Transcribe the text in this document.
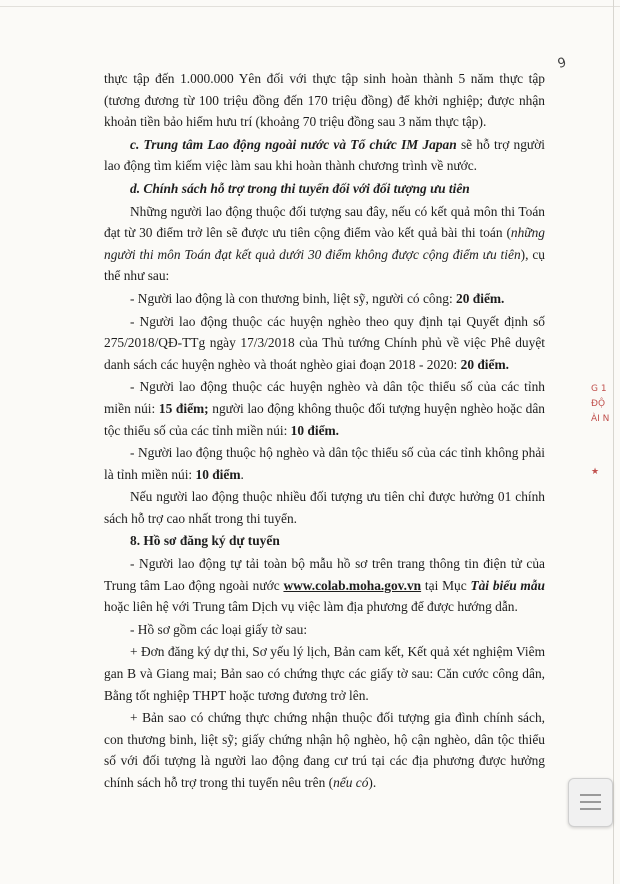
9

thực tập đến 1.000.000 Yên đối với thực tập sinh hoàn thành 5 năm thực tập (tương đương từ 100 triệu đồng đến 170 triệu đồng) để khởi nghiệp; được nhận khoản tiền bảo hiểm hưu trí (khoảng 70 triệu đồng sau 3 năm thực tập).

c. Trung tâm Lao động ngoài nước và Tổ chức IM Japan sẽ hỗ trợ người lao động tìm kiếm việc làm sau khi hoàn thành chương trình về nước.

d. Chính sách hỗ trợ trong thi tuyển đối với đối tượng ưu tiên

Những người lao động thuộc đối tượng sau đây, nếu có kết quả môn thi Toán đạt từ 30 điểm trở lên sẽ được ưu tiên cộng điểm vào kết quả bài thi toán (những người thi môn Toán đạt kết quả dưới 30 điểm không được cộng điểm ưu tiên), cụ thể như sau:

- Người lao động là con thương binh, liệt sỹ, người có công: 20 điểm.

- Người lao động thuộc các huyện nghèo theo quy định tại Quyết định số 275/2018/QĐ-TTg ngày 17/3/2018 của Thủ tướng Chính phủ về việc Phê duyệt danh sách các huyện nghèo và thoát nghèo giai đoạn 2018 - 2020: 20 điểm.

- Người lao động thuộc các huyện nghèo và dân tộc thiểu số của các tỉnh miền núi: 15 điểm; người lao động không thuộc đối tượng huyện nghèo hoặc dân tộc thiểu số của các tỉnh miền núi: 10 điểm.

- Người lao động thuộc hộ nghèo và dân tộc thiểu số của các tỉnh không phải là tỉnh miền núi: 10 điểm.

Nếu người lao động thuộc nhiều đối tượng ưu tiên chỉ được hưởng 01 chính sách hỗ trợ cao nhất trong thi tuyển.

8. Hồ sơ đăng ký dự tuyển

- Người lao động tự tải toàn bộ mẫu hồ sơ trên trang thông tin điện tử của Trung tâm Lao động ngoài nước www.colab.moha.gov.vn tại Mục Tài biểu mẫu hoặc liên hệ với Trung tâm Dịch vụ việc làm địa phương để được hướng dẫn.

- Hồ sơ gồm các loại giấy tờ sau:

+ Đơn đăng ký dự thi, Sơ yếu lý lịch, Bản cam kết, Kết quả xét nghiệm Viêm gan B và Giang mai; Bản sao có chứng thực các giấy tờ sau: Căn cước công dân, Bằng tốt nghiệp THPT hoặc tương đương trở lên.

+ Bản sao có chứng thực chứng nhận thuộc đối tượng gia đình chính sách, con thương binh, liệt sỹ; giấy chứng nhận hộ nghèo, hộ cận nghèo, dân tộc thiểu số với đối tượng là người lao động đang cư trú tại các địa phương được hưởng chính sách hỗ trợ trong thi tuyển nêu trên (nếu có).

G 1
ĐỘ
ÀI N
★
